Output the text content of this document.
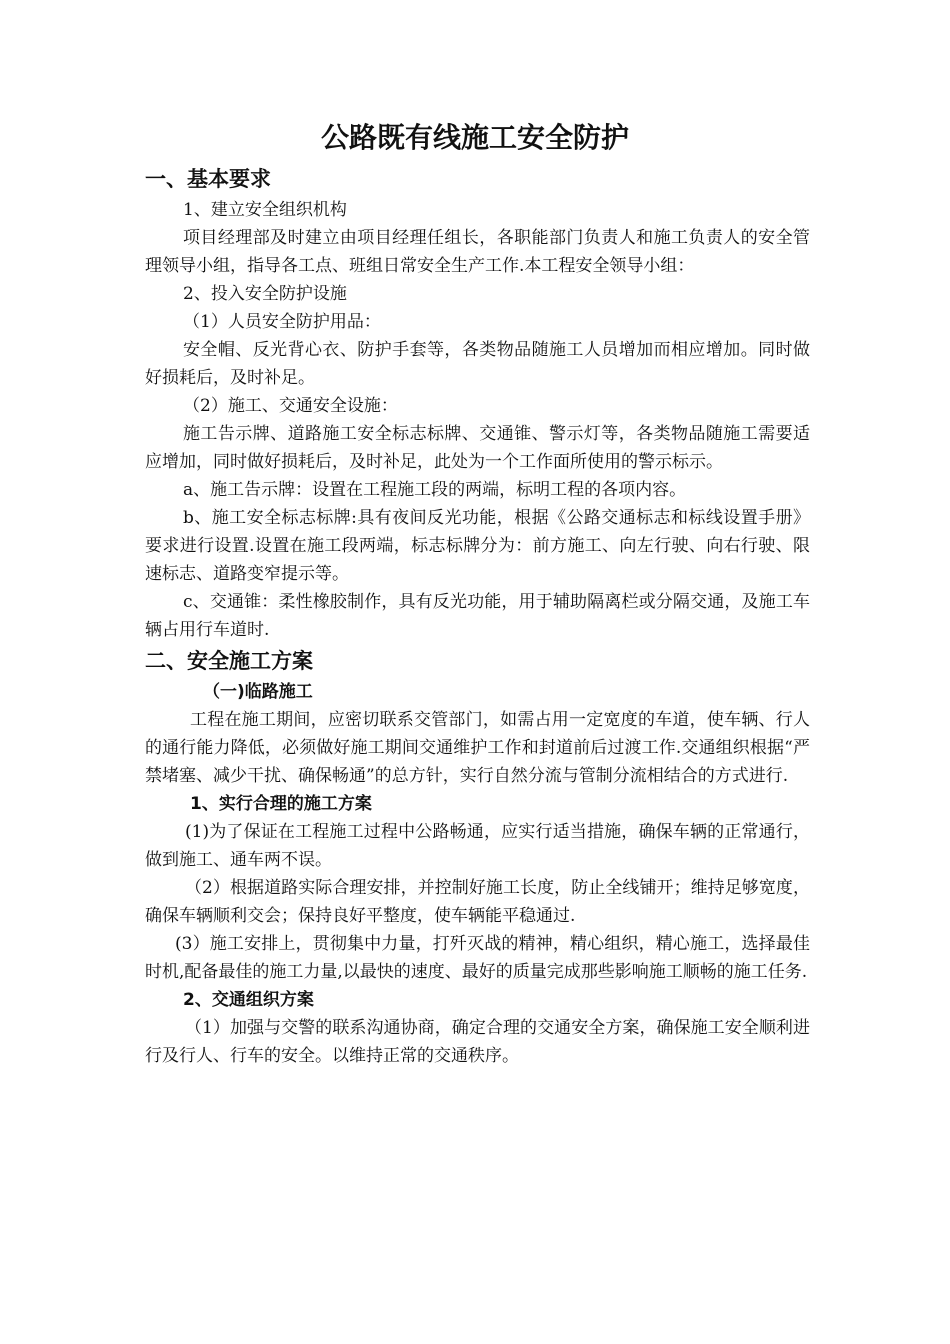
公路既有线施工安全防护

一、基本要求

1、建立安全组织机构

项目经理部及时建立由项目经理任组长，各职能部门负责人和施工负责人的安全管理领导小组，指导各工点、班组日常安全生产工作.本工程安全领导小组：

2、投入安全防护设施

（1）人员安全防护用品：

安全帽、反光背心衣、防护手套等，各类物品随施工人员增加而相应增加。同时做好损耗后，及时补足。

（2）施工、交通安全设施：

施工告示牌、道路施工安全标志标牌、交通锥、警示灯等，各类物品随施工需要适应增加，同时做好损耗后，及时补足，此处为一个工作面所使用的警示标示。

a、施工告示牌：设置在工程施工段的两端，标明工程的各项内容。

b、施工安全标志标牌:具有夜间反光功能，根据《公路交通标志和标线设置手册》要求进行设置.设置在施工段两端，标志标牌分为：前方施工、向左行驶、向右行驶、限速标志、道路变窄提示等。

c、交通锥：柔性橡胶制作，具有反光功能，用于辅助隔离栏或分隔交通，及施工车辆占用行车道时.

二、安全施工方案

（一)临路施工

工程在施工期间，应密切联系交管部门，如需占用一定宽度的车道，使车辆、行人的通行能力降低，必须做好施工期间交通维护工作和封道前后过渡工作.交通组织根据“严禁堵塞、减少干扰、确保畅通”的总方针，实行自然分流与管制分流相结合的方式进行.

1、实行合理的施工方案

(1)为了保证在工程施工过程中公路畅通，应实行适当措施，确保车辆的正常通行，做到施工、通车两不误。

（2）根据道路实际合理安排，并控制好施工长度，防止全线铺开；维持足够宽度，确保车辆顺利交会；保持良好平整度，使车辆能平稳通过.

(3）施工安排上，贯彻集中力量，打歼灭战的精神，精心组织，精心施工，选择最佳时机,配备最佳的施工力量,以最快的速度、最好的质量完成那些影响施工顺畅的施工任务.

2、交通组织方案

（1）加强与交警的联系沟通协商，确定合理的交通安全方案，确保施工安全顺利进行及行人、行车的安全。以维持正常的交通秩序。
